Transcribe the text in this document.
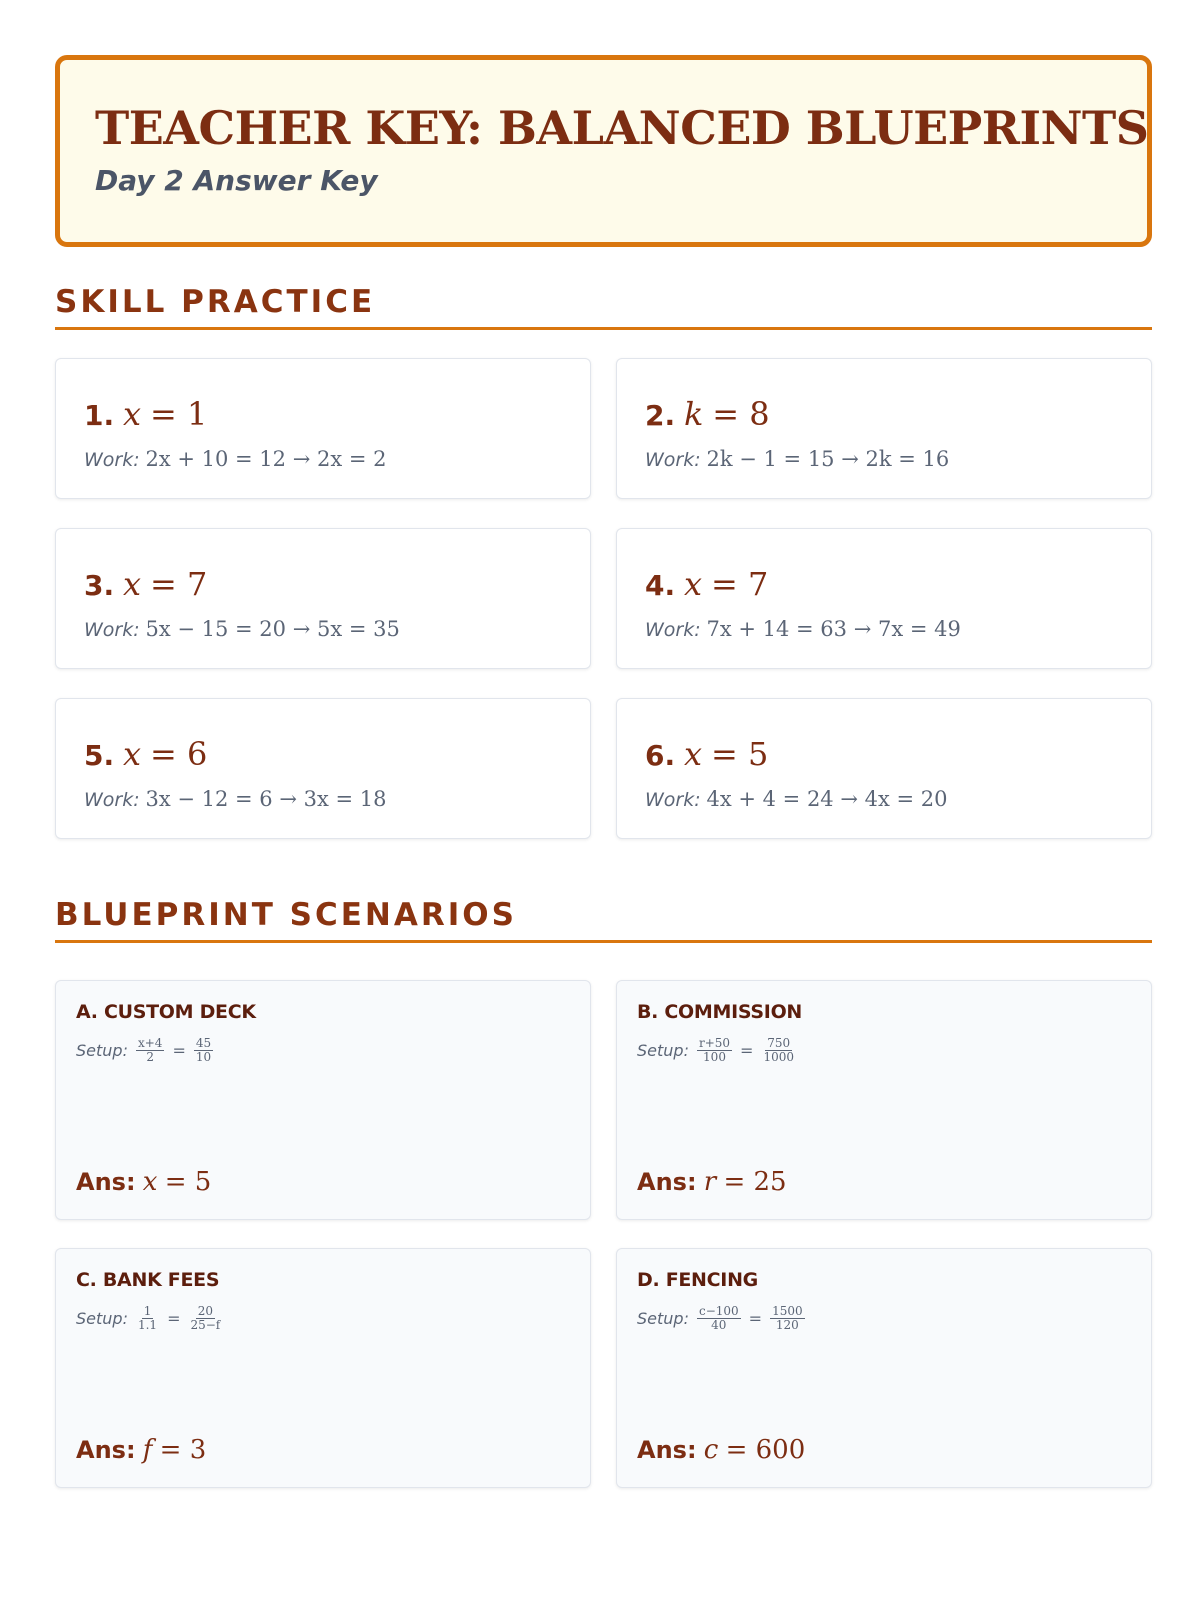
TEACHER KEY: BALANCED BLUEPRINTS
Day 2 Answer Key
SKILL PRACTICE
1. x = 1
Work: 2x + 10 = 12 → 2x = 2
2. k = 8
Work: 2k − 1 = 15 → 2k = 16
3. x = 7
Work: 5x − 15 = 20 → 5x = 35
4. x = 7
Work: 7x + 14 = 63 → 7x = 49
5. x = 6
Work: 3x − 12 = 6 → 3x = 18
6. x = 5
Work: 4x + 4 = 24 → 4x = 20
BLUEPRINT SCENARIOS
A. CUSTOM DECK
Setup: $\frac{x+4}{2} = \frac{45}{10}$
Ans: x = 5
B. COMMISSION
Setup: $\frac{r+50}{100} = \frac{750}{1000}$
Ans: r = 25
C. BANK FEES
Setup: $\frac{1}{1.1} = \frac{20}{25-f}$
Ans: f = 3
D. FENCING
Setup: $\frac{c-100}{40} = \frac{1500}{120}$
Ans: c = 600
